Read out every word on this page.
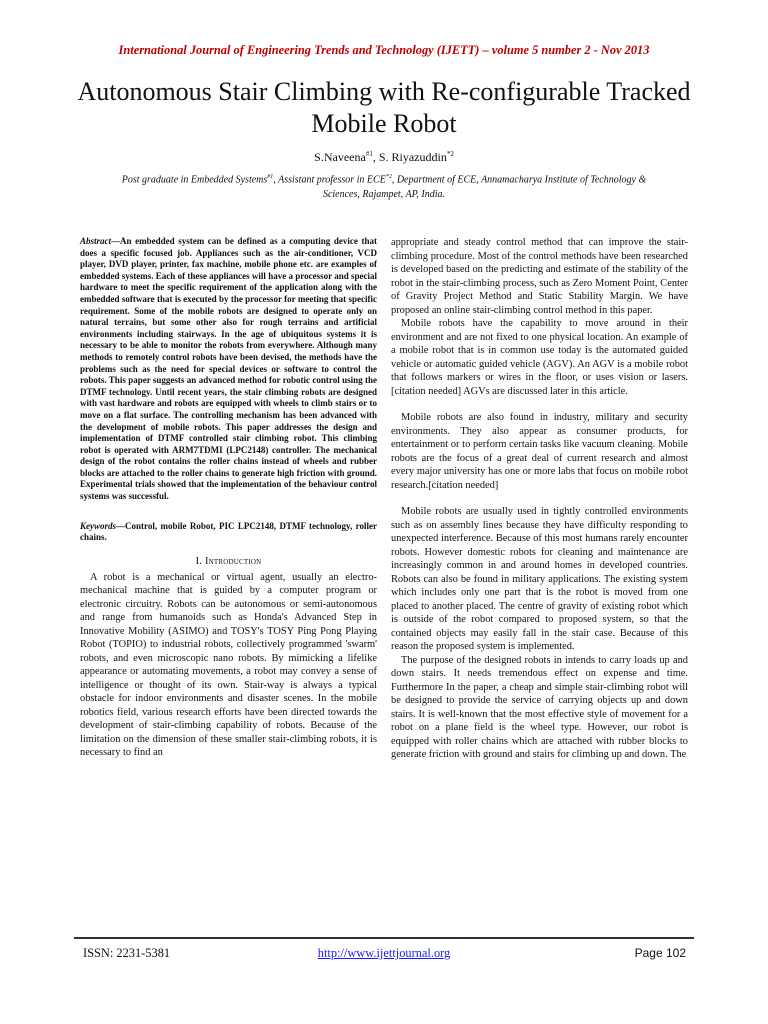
International Journal of Engineering Trends and Technology (IJETT) – volume 5 number 2 - Nov 2013
Autonomous Stair Climbing with Re-configurable Tracked Mobile Robot
S.Naveena$^{\#1}$, S. Riyazuddin$^{*2}$
Post graduate in Embedded Systems$^{\#1}$, Assistant professor in ECE$^{*2}$, Department of ECE, Annamacharya Institute of Technology & Sciences, Rajampet, AP, India.

Abstract—An embedded system can be defined as a computing device that does a specific focused job. Appliances such as the air-conditioner, VCD player, DVD player, printer, fax machine, mobile phone etc. are examples of embedded systems. Each of these appliances will have a processor and special hardware to meet the specific requirement of the application along with the embedded software that is executed by the processor for meeting that specific requirement. Some of the mobile robots are designed to operate only on natural terrains, but some other also for rough terrains and artificial environments including stairways. In the age of ubiquitous systems it is necessary to be able to monitor the robots from everywhere. Although many methods to remotely control robots have been devised, the methods have the problems such as the need for special devices or software to control the robots. This paper suggests an advanced method for robotic control using the DTMF technology. Until recent years, the stair climbing robots are designed with vast hardware and robots are equipped with wheels to climb stairs or to move on a flat surface. The controlling mechanism has been advanced with the development of mobile robots. This paper addresses the design and implementation of DTMF controlled stair climbing robot. This climbing robot is operated with ARM7TDMI (LPC2148) controller. The mechanical design of the robot contains the roller chains instead of wheels and rubber blocks are attached to the roller chains to generate high friction with ground. Experimental trials showed that the implementation of the behaviour control systems was successful.

Keywords—Control, mobile Robot, PIC LPC2148, DTMF technology, roller chains.

I. Introduction

A robot is a mechanical or virtual agent, usually an electro-mechanical machine that is guided by a computer program or electronic circuitry. Robots can be autonomous or semi-autonomous and range from humanoids such as Honda's Advanced Step in Innovative Mobility (ASIMO) and TOSY's TOSY Ping Pong Playing Robot (TOPIO) to industrial robots, collectively programmed 'swarm' robots, and even microscopic nano robots. By mimicking a lifelike appearance or automating movements, a robot may convey a sense of intelligence or thought of its own. Stair-way is always a typical obstacle for indoor environments and disaster scenes. In the mobile robotics field, various research efforts have been directed towards the development of stair-climbing capability of robots. Because of the limitation on the dimension of these smaller stair-climbing robots, it is necessary to find an

appropriate and steady control method that can improve the stair-climbing procedure. Most of the control methods have been researched is developed based on the predicting and estimate of the stability of the robot in the stair-climbing process, such as Zero Moment Point, Center of Gravity Project Method and Static Stability Margin. We have proposed an online stair-climbing control method in this paper.

Mobile robots have the capability to move around in their environment and are not fixed to one physical location. An example of a mobile robot that is in common use today is the automated guided vehicle or automatic guided vehicle (AGV). An AGV is a mobile robot that follows markers or wires in the floor, or uses vision or lasers.[citation needed] AGVs are discussed later in this article.

Mobile robots are also found in industry, military and security environments. They also appear as consumer products, for entertainment or to perform certain tasks like vacuum cleaning. Mobile robots are the focus of a great deal of current research and almost every major university has one or more labs that focus on mobile robot research.[citation needed]

Mobile robots are usually used in tightly controlled environments such as on assembly lines because they have difficulty responding to unexpected interference. Because of this most humans rarely encounter robots. However domestic robots for cleaning and maintenance are increasingly common in and around homes in developed countries. Robots can also be found in military applications. The existing system which includes only one part that is the robot is moved from one placed to another placed. The centre of gravity of existing robot which is outside of the robot compared to proposed system, so that the contained objects may easily fall in the stair case. Because of this reason the proposed system is implemented.

The purpose of the designed robots in intends to carry loads up and down stairs. It needs tremendous effect on expense and time. Furthermore In the paper, a cheap and simple stair-climbing robot will be designed to provide the service of carrying objects up and down stairs. It is well-known that the most effective style of movement for a robot on a plane field is the wheel type. However, our robot is equipped with roller chains which are attached with rubber blocks to generate friction with ground and stairs for climbing up and down. The

ISSN: 2231-5381	http://www.ijettjournal.org	Page 102
